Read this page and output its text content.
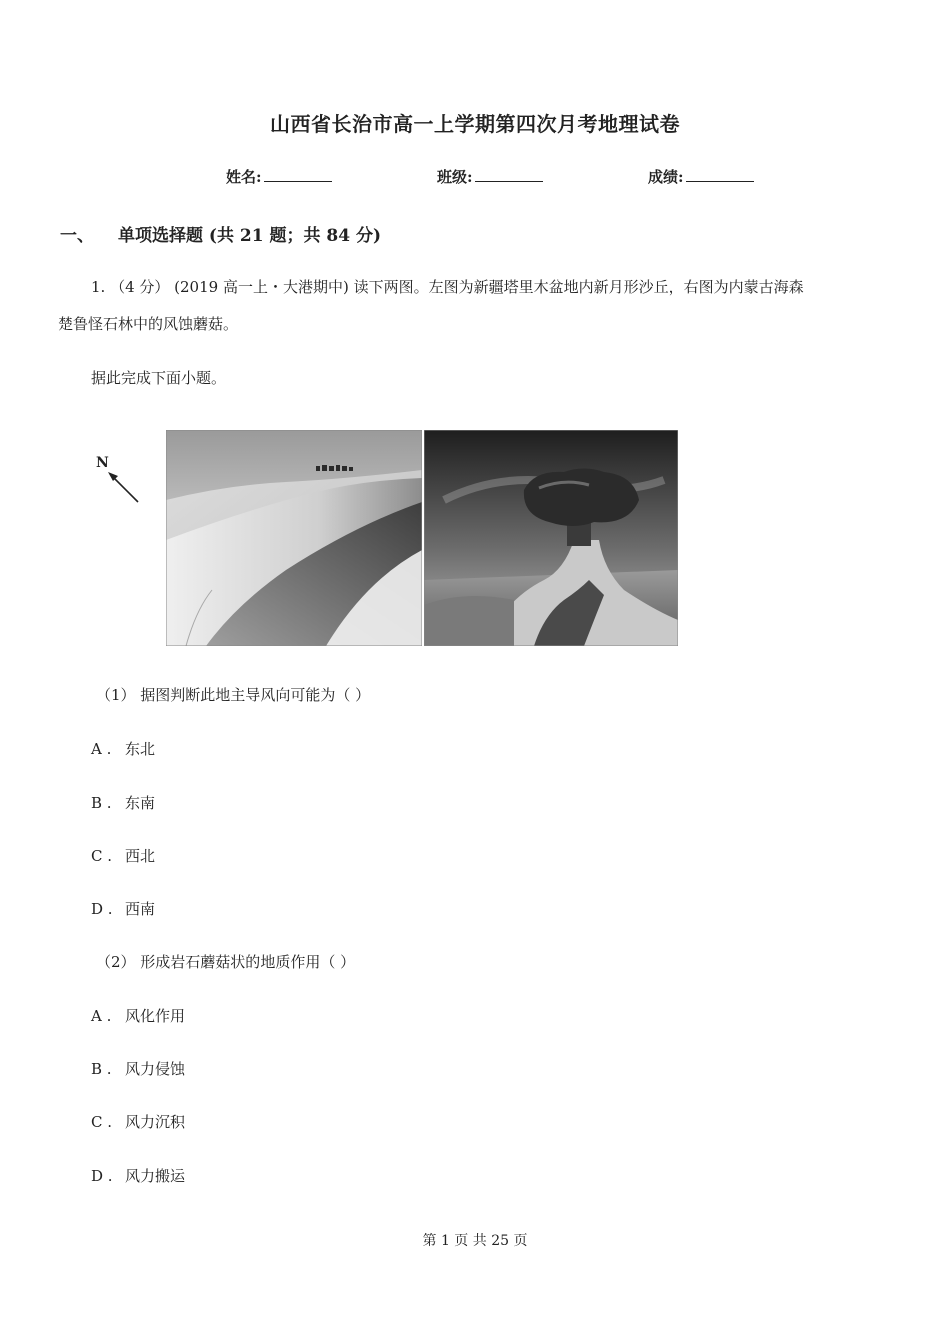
山西省长治市高一上学期第四次月考地理试卷
姓名:	班级:	成绩:
一、 单项选择题 (共 21 题；共 84 分)
1. （4 分） (2019 高一上・大港期中) 读下两图。左图为新疆塔里木盆地内新月形沙丘，右图为内蒙古海森
楚鲁怪石林中的风蚀蘑菇。
据此完成下面小题。
N
（1） 据图判断此地主导风向可能为（ ）
A . 东北
B . 东南
C . 西北
D . 西南
（2） 形成岩石蘑菇状的地质作用（ ）
A . 风化作用
B . 风力侵蚀
C . 风力沉积
D . 风力搬运
第 1 页 共 25 页
